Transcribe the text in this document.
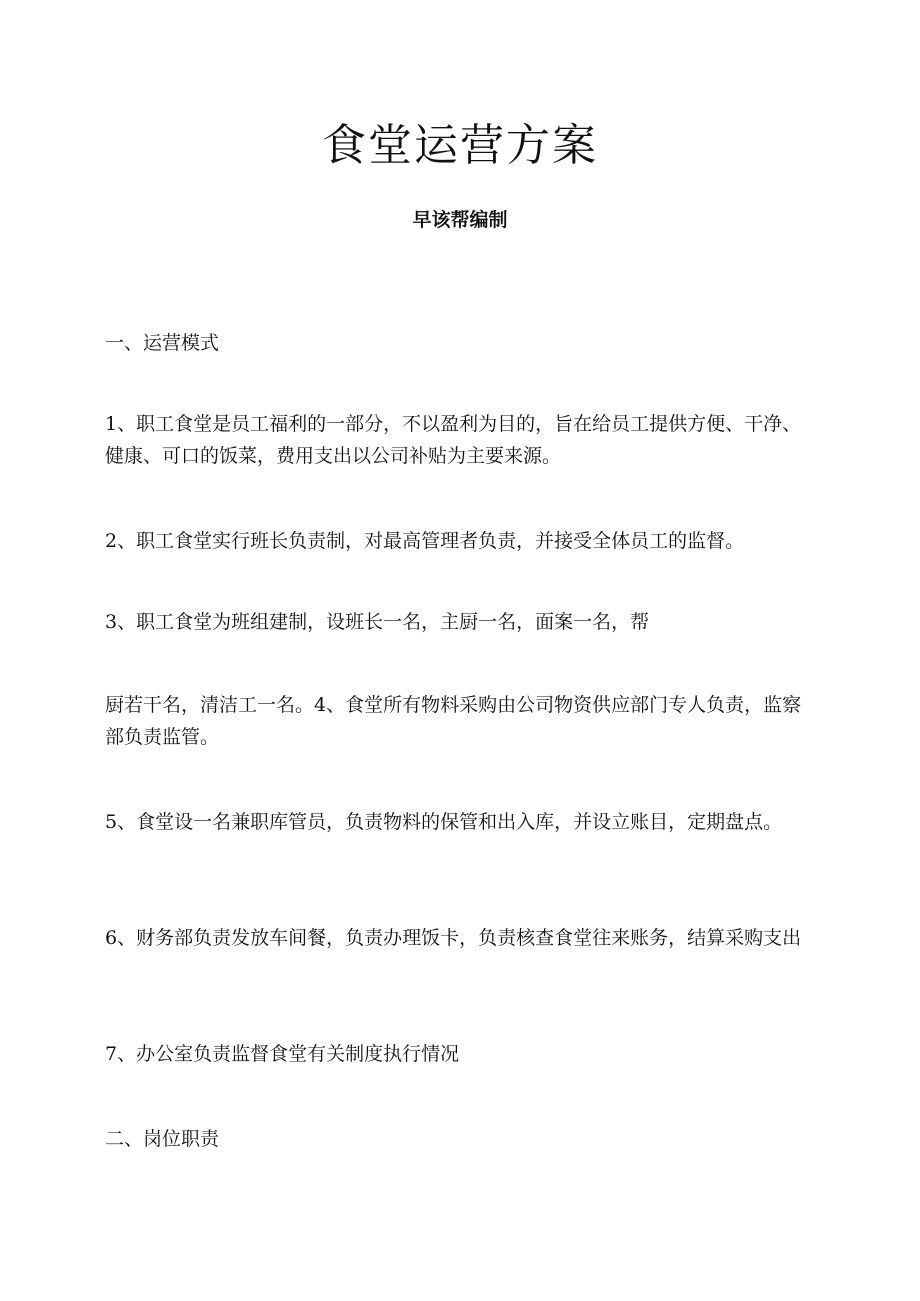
食堂运营方案
早该帮编制

一、运营模式

1、职工食堂是员工福利的一部分，不以盈利为目的，旨在给员工提供方便、干净、健康、可口的饭菜，费用支出以公司补贴为主要来源。

2、职工食堂实行班长负责制，对最高管理者负责，并接受全体员工的监督。

3、职工食堂为班组建制，设班长一名，主厨一名，面案一名，帮

厨若干名，清洁工一名。4、食堂所有物料采购由公司物资供应部门专人负责，监察部负责监管。

5、食堂设一名兼职库管员，负责物料的保管和出入库，并设立账目，定期盘点。

6、财务部负责发放车间餐，负责办理饭卡，负责核查食堂往来账务，结算采购支出

7、办公室负责监督食堂有关制度执行情况

二、岗位职责
